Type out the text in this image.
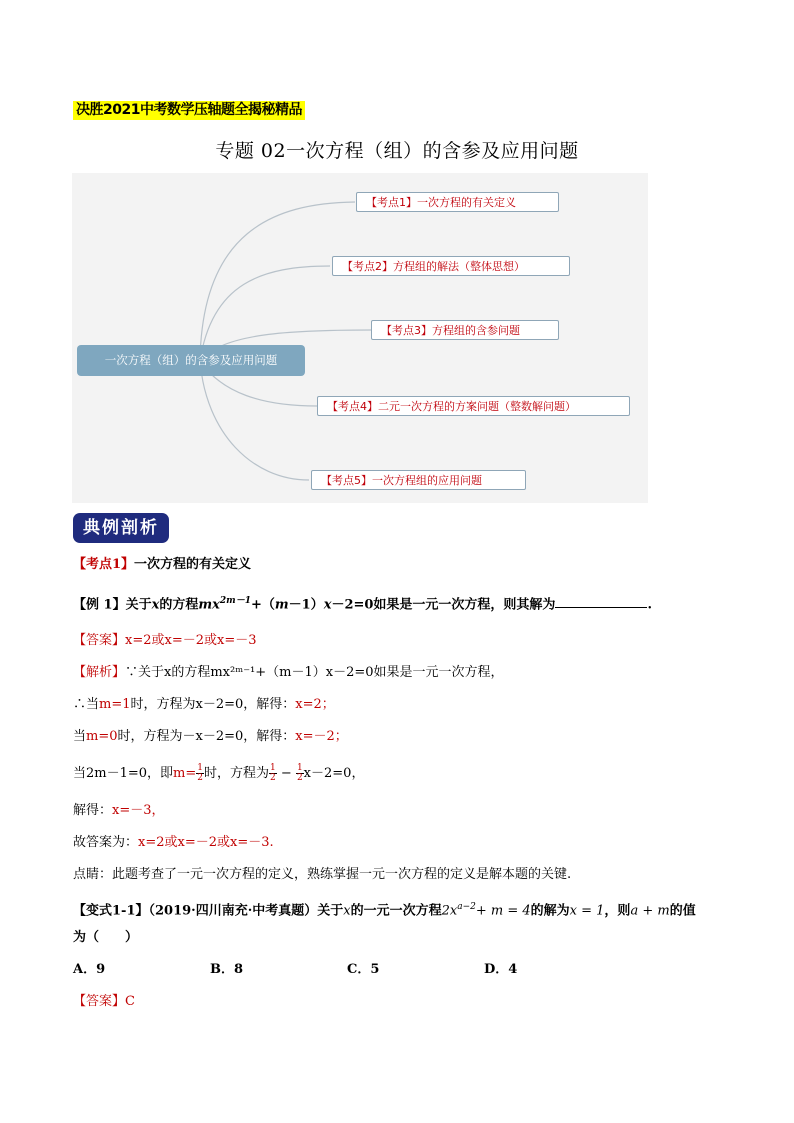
决胜2021中考数学压轴题全揭秘精品
专题 02一次方程（组）的含参及应用问题
一次方程（组）的含参及应用问题
【考点1】一次方程的有关定义
【考点2】方程组的解法（整体思想）
【考点3】方程组的含参问题
【考点4】二元一次方程的方案问题（整数解问题）
【考点5】一次方程组的应用问题
典例剖析
【考点1】一次方程的有关定义
【例 1】关于x的方程$mx^{2m-1}+(m-1)x-2=0$如果是一元一次方程，则其解为	.
【答案】x=2或x=－2或x=－3
【解析】∵关于x的方程mx²ᵐ⁻¹+（m－1）x－2=0如果是一元一次方程，
∴当m=1时，方程为x－2=0，解得：x=2；
当m=0时，方程为－x－2=0，解得：x=－2；
当2m－1=0，即$m= \frac{1}{2}$ 时，方程为 $\frac{1}{2} - \frac{1}{2} x-2=0$，
解得：x=－3，
故答案为：x=2或x=－2或x=－3.
点睛：此题考查了一元一次方程的定义，熟练掌握一元一次方程的定义是解本题的关键.
【变式1-1】（2019·四川南充·中考真题）关于x的一元一次方程$2x^{a-2}+ m = 4$的解为x = 1，则a + m的值
为（　　）
A．9	B．8	C．5	D．4
【答案】C
